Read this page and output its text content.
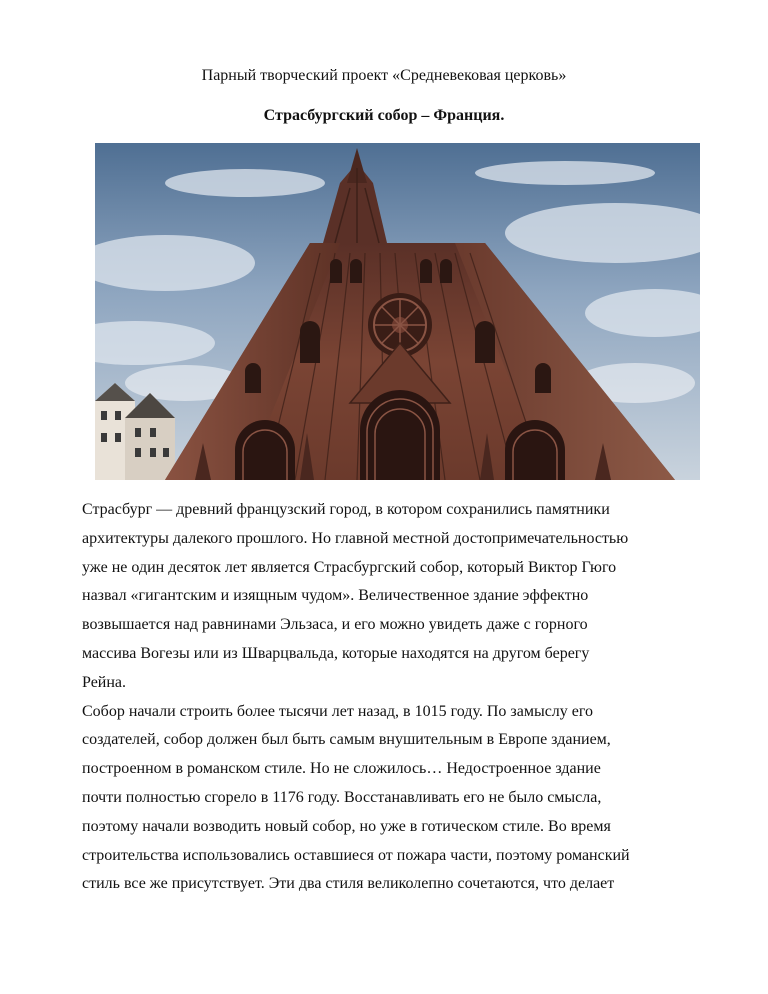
Парный творческий проект «Средневековая церковь»
Страсбургский собор – Франция.

Страсбург — древний французский город, в котором сохранились памятники
архитектуры далекого прошлого. Но главной местной достопримечательностью
уже не один десяток лет является Страсбургский собор, который Виктор Гюго
назвал «гигантским и изящным чудом». Величественное здание эффектно
возвышается над равнинами Эльзаса, и его можно увидеть даже с горного
массива Вогезы или из Шварцвальда, которые находятся на другом берегу
Рейна.

Собор начали строить более тысячи лет назад, в 1015 году. По замыслу его
создателей, собор должен был быть самым внушительным в Европе зданием,
построенном в романском стиле. Но не сложилось… Недостроенное здание
почти полностью сгорело в 1176 году. Восстанавливать его не было смысла,
поэтому начали возводить новый собор, но уже в готическом стиле. Во время
строительства использовались оставшиеся от пожара части, поэтому романский
стиль все же присутствует. Эти два стиля великолепно сочетаются, что делает
